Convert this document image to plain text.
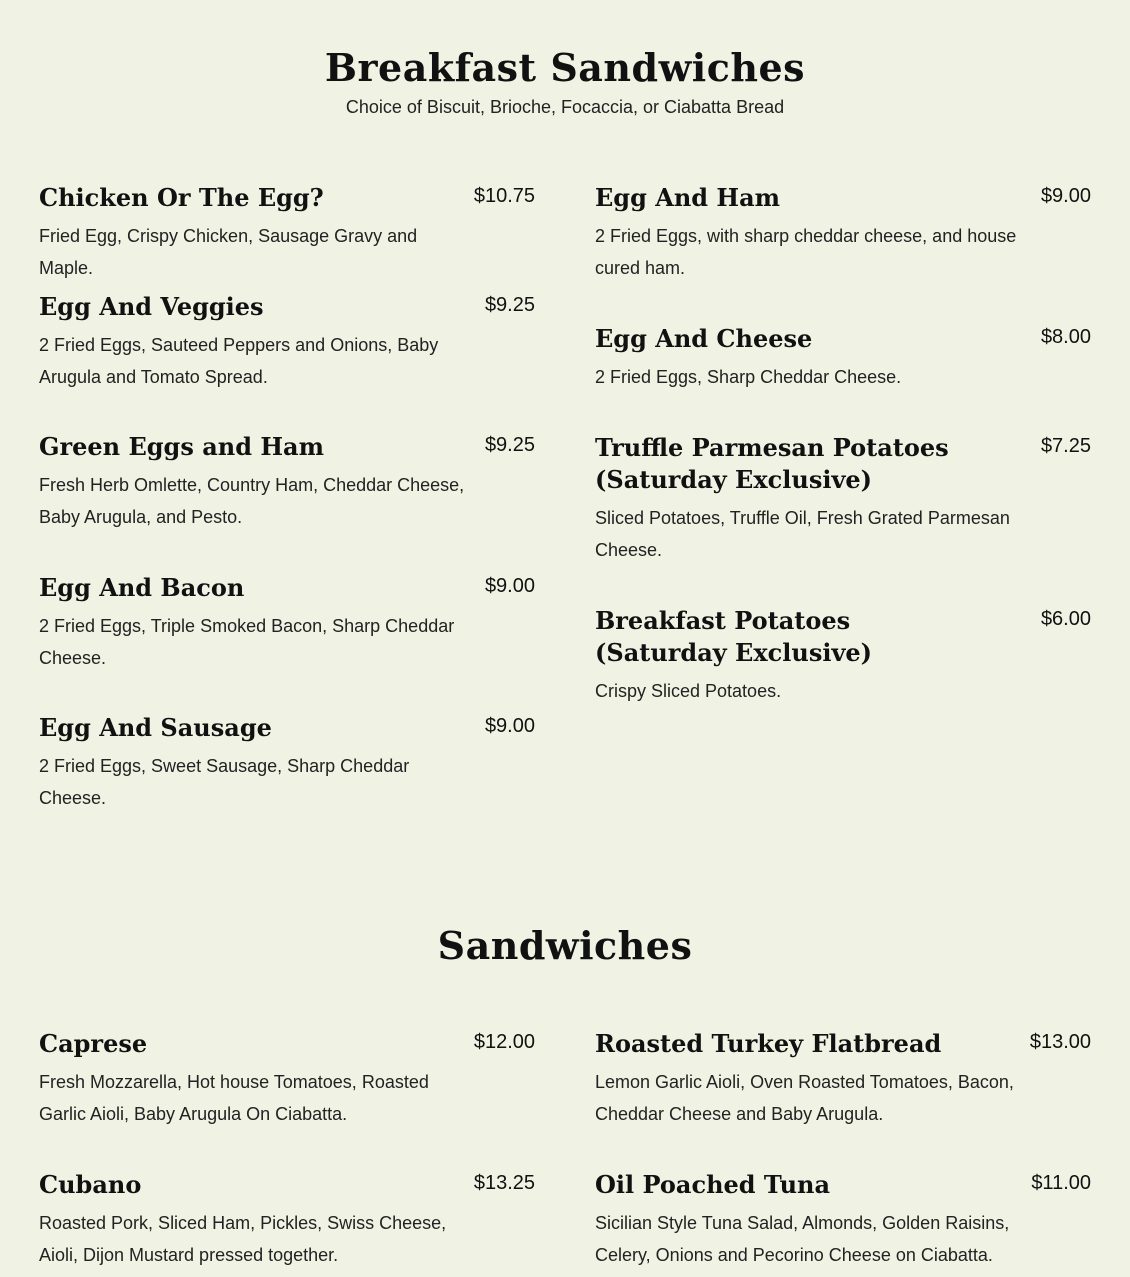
Breakfast Sandwiches

Choice of Biscuit, Brioche, Focaccia, or Ciabatta Bread

Chicken Or The Egg?	$10.75
Fried Egg, Crispy Chicken, Sausage Gravy and Maple.
Egg And Veggies	$9.25
2 Fried Eggs, Sauteed Peppers and Onions, Baby Arugula and Tomato Spread.
Green Eggs and Ham	$9.25
Fresh Herb Omlette, Country Ham, Cheddar Cheese, Baby Arugula, and Pesto.
Egg And Bacon	$9.00
2 Fried Eggs, Triple Smoked Bacon, Sharp Cheddar Cheese.
Egg And Sausage	$9.00
2 Fried Eggs, Sweet Sausage, Sharp Cheddar Cheese.
Egg And Ham	$9.00
2 Fried Eggs, with sharp cheddar cheese, and house cured ham.
Egg And Cheese	$8.00
2 Fried Eggs, Sharp Cheddar Cheese.
Truffle Parmesan Potatoes (Saturday Exclusive)
$7.25
Sliced Potatoes, Truffle Oil, Fresh Grated Parmesan Cheese.
Breakfast Potatoes (Saturday Exclusive)
$6.00
Crispy Sliced Potatoes.
Sandwiches
Caprese	$12.00
Fresh Mozzarella, Hot house Tomatoes, Roasted Garlic Aioli, Baby Arugula On Ciabatta.
Cubano	$13.25
Roasted Pork, Sliced Ham, Pickles, Swiss Cheese, Aioli, Dijon Mustard pressed together.
Roasted Turkey Flatbread	$13.00
Lemon Garlic Aioli, Oven Roasted Tomatoes, Bacon, Cheddar Cheese and Baby Arugula.
Oil Poached Tuna	$11.00
Sicilian Style Tuna Salad, Almonds, Golden Raisins, Celery, Onions and Pecorino Cheese on Ciabatta.
